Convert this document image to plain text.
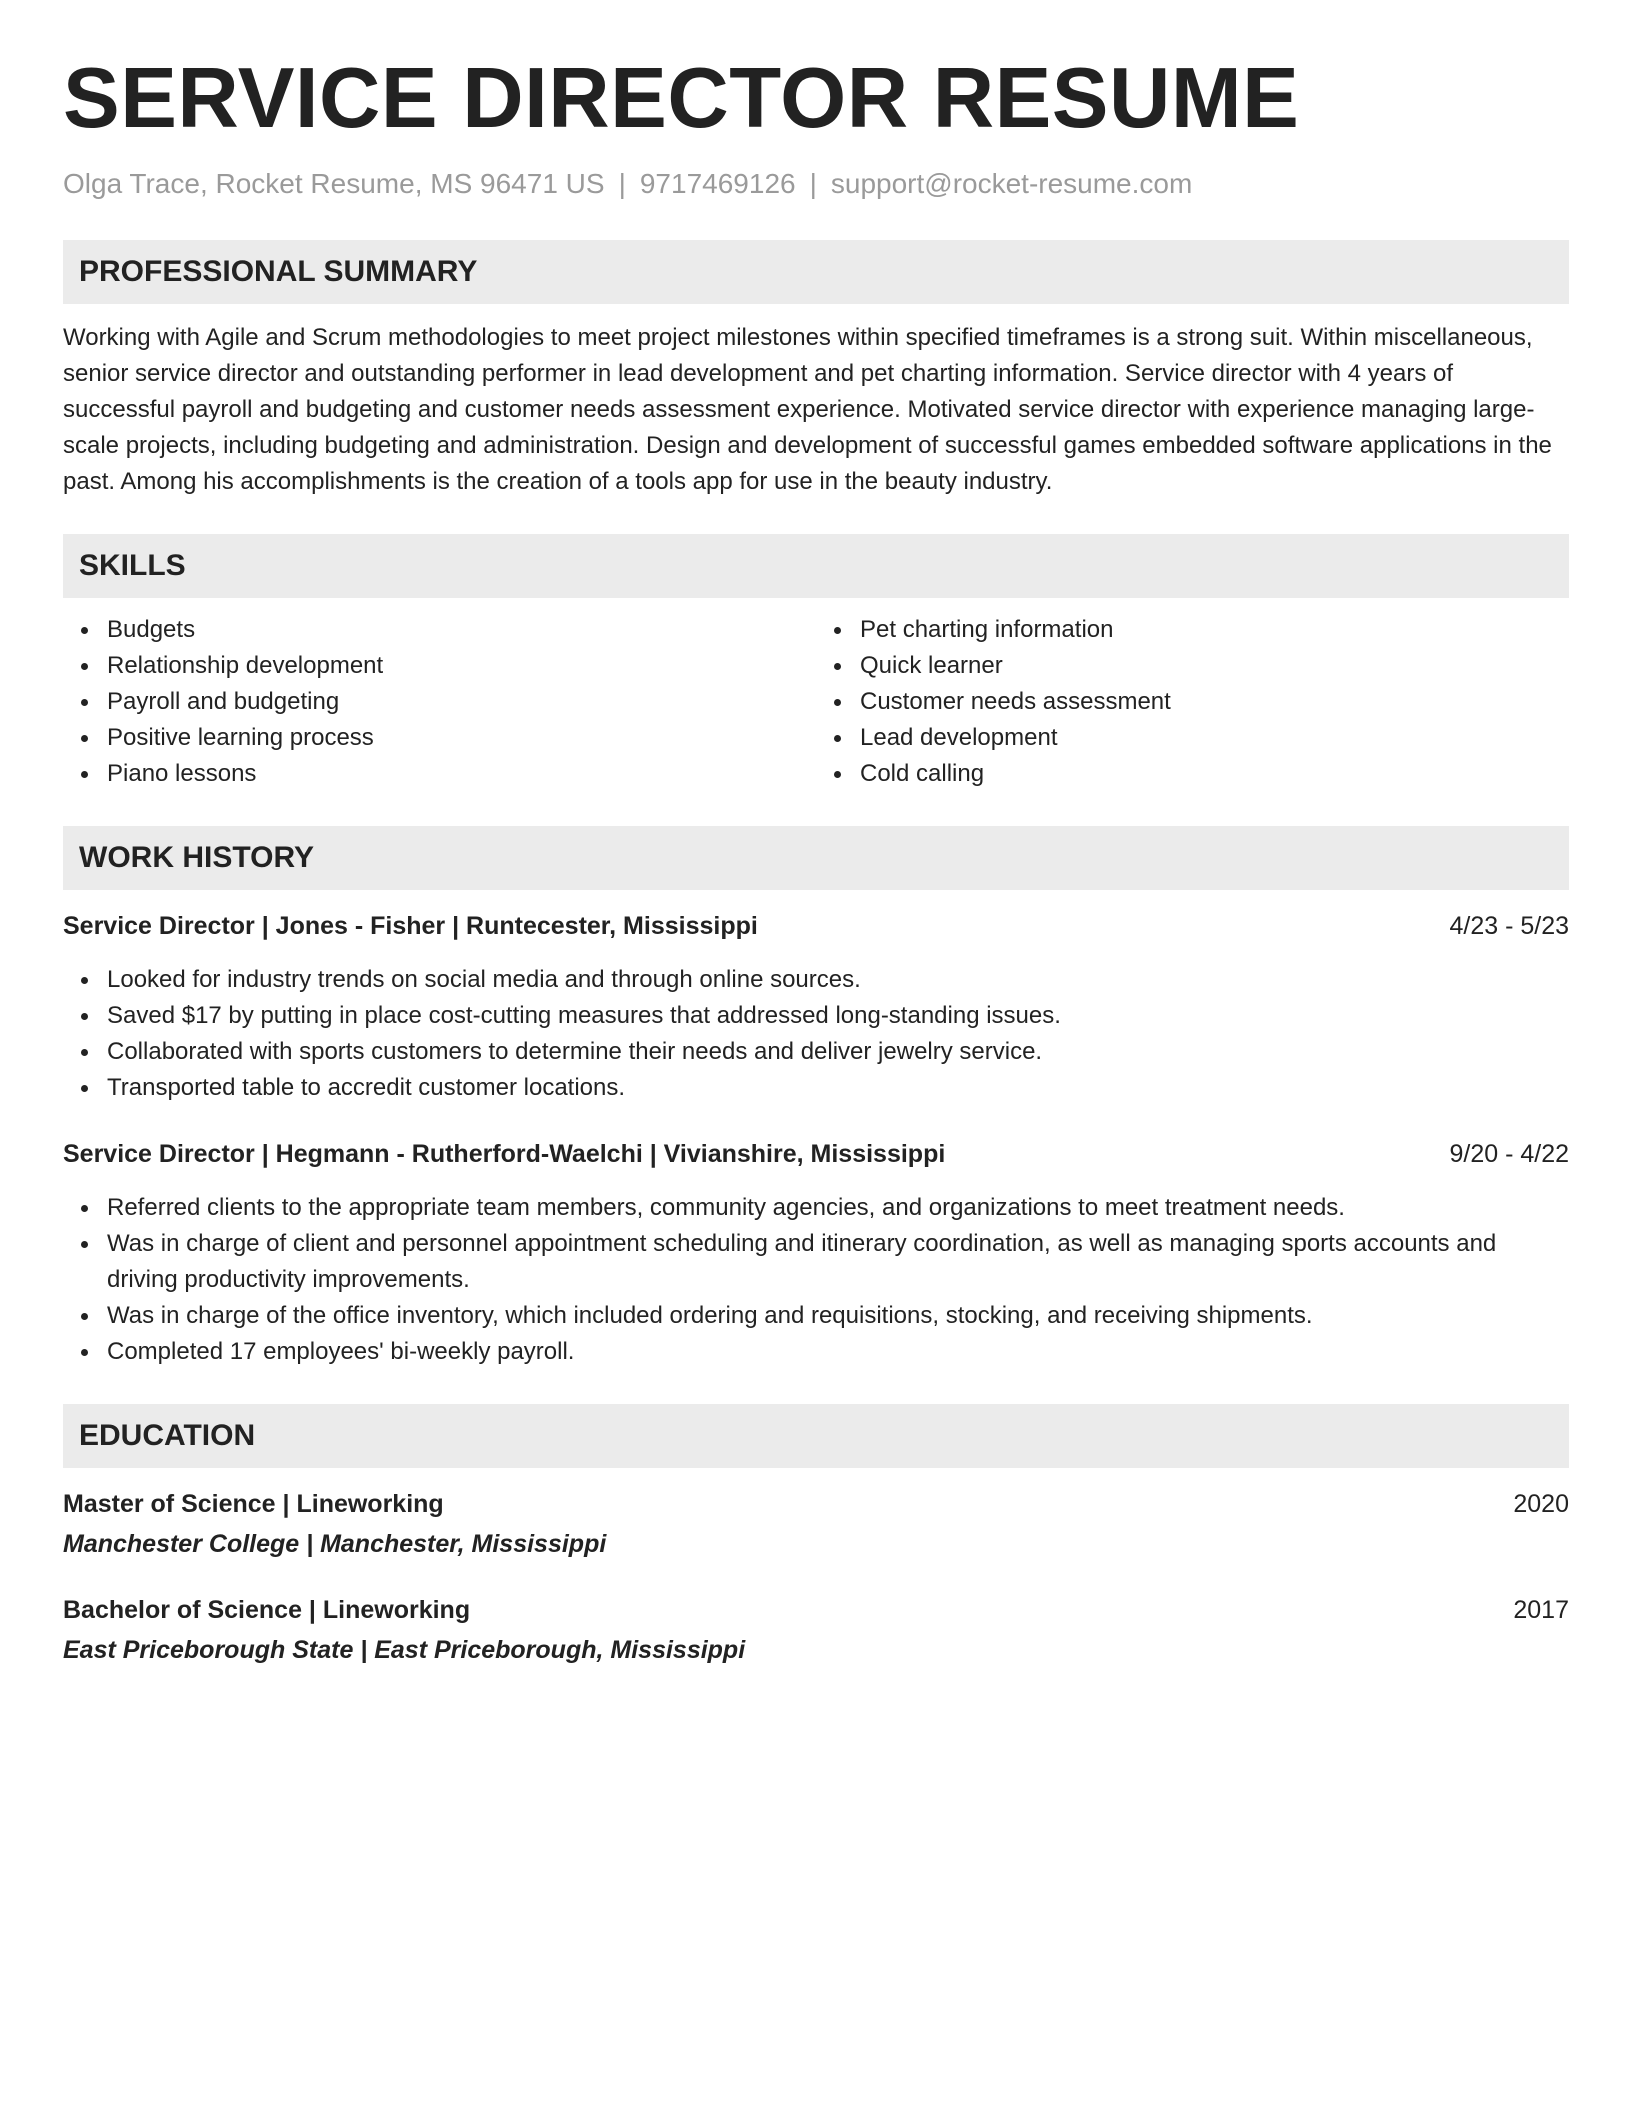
SERVICE DIRECTOR RESUME
Olga Trace, Rocket Resume, MS 96471 US | 9717469126 | support@rocket-resume.com
PROFESSIONAL SUMMARY
Working with Agile and Scrum methodologies to meet project milestones within specified timeframes is a strong suit. Within miscellaneous, senior service director and outstanding performer in lead development and pet charting information. Service director with 4 years of successful payroll and budgeting and customer needs assessment experience. Motivated service director with experience managing large-scale projects, including budgeting and administration. Design and development of successful games embedded software applications in the past. Among his accomplishments is the creation of a tools app for use in the beauty industry.
SKILLS
Budgets
Relationship development
Payroll and budgeting
Positive learning process
Piano lessons
Pet charting information
Quick learner
Customer needs assessment
Lead development
Cold calling
WORK HISTORY
Service Director | Jones - Fisher | Runtecester, Mississippi	4/23 - 5/23
Looked for industry trends on social media and through online sources.
Saved $17 by putting in place cost-cutting measures that addressed long-standing issues.
Collaborated with sports customers to determine their needs and deliver jewelry service.
Transported table to accredit customer locations.
Service Director | Hegmann - Rutherford-Waelchi | Vivianshire, Mississippi	9/20 - 4/22
Referred clients to the appropriate team members, community agencies, and organizations to meet treatment needs.
Was in charge of client and personnel appointment scheduling and itinerary coordination, as well as managing sports accounts and driving productivity improvements.
Was in charge of the office inventory, which included ordering and requisitions, stocking, and receiving shipments.
Completed 17 employees' bi-weekly payroll.
EDUCATION
Master of Science | Lineworking	2020
Manchester College | Manchester, Mississippi
Bachelor of Science | Lineworking	2017
East Priceborough State | East Priceborough, Mississippi
